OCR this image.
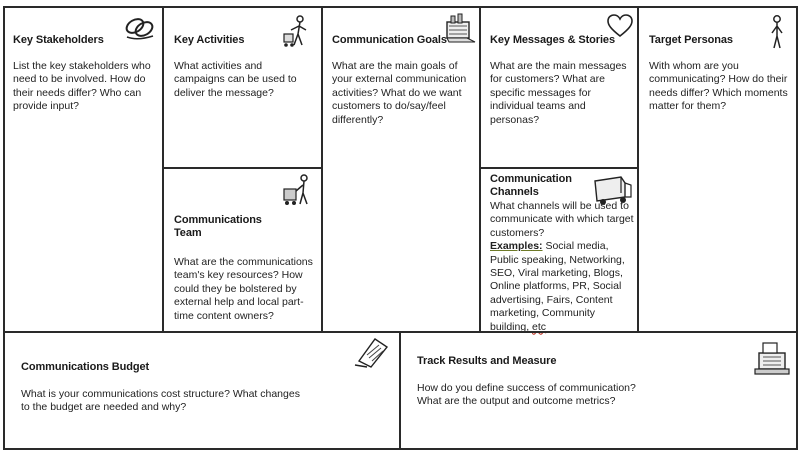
Key Stakeholders
List the key stakeholders who need to be involved. How do their needs differ? Who can provide input?
Key Activities
What activities and campaigns can be used to deliver the message?
Communications Team
What are the communications team's key resources? How could they be bolstered by external help and local part-time content owners?
Communication Goals
What are the main goals of your external communication activities? What do we want customers to do/say/feel differently?
Key Messages & Stories
What are the main messages for customers? What are specific messages for individual teams and personas?
Communication Channels
What channels will be used to communicate with which target customers?
Examples: Social media, Public speaking, Networking, SEO, Viral marketing, Blogs, Online platforms, PR, Social advertising, Fairs, Content marketing, Community building, etc
Target Personas
With whom are you communicating? How do their needs differ? Which moments matter for them?
Communications Budget
What is your communications cost structure? What changes to the budget are needed and why?
Track Results and Measure
How do you define success of communication? What are the output and outcome metrics?
